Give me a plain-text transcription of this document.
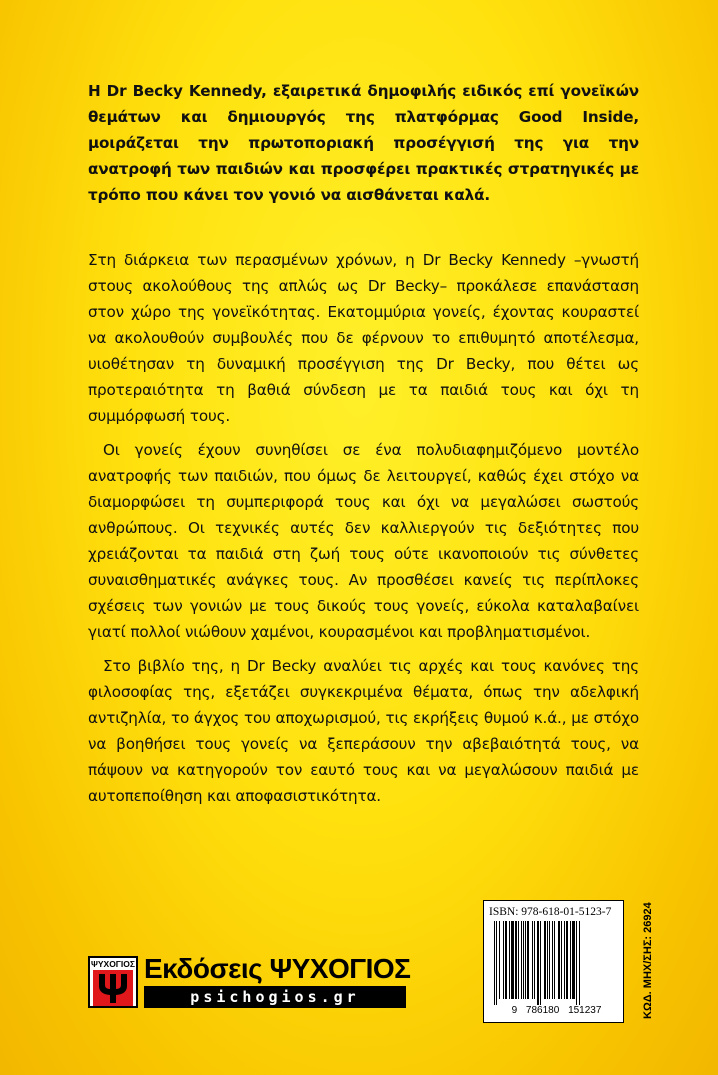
Η Dr Becky Kennedy, εξαιρετικά δημοφιλής ειδικός επί γονεϊκών θεμάτων και δημιουργός της πλατφόρμας Good Inside, μοιράζεται την πρωτοποριακή προσέγγισή της για την ανατροφή των παιδιών και προσφέρει πρακτικές στρατηγικές με τρόπο που κάνει τον γονιό να αισθάνεται καλά.

Στη διάρκεια των περασμένων χρόνων, η Dr Becky Kennedy –γνωστή στους ακολούθους της απλώς ως Dr Becky– προκάλεσε επανάσταση στον χώρο της γονεϊκότητας. Εκατομμύρια γονείς, έχοντας κουραστεί να ακολουθούν συμβουλές που δε φέρνουν το επιθυμητό αποτέλεσμα, υιοθέτησαν τη δυναμική προσέγγιση της Dr Becky, που θέτει ως προτεραιότητα τη βαθιά σύνδεση με τα παιδιά τους και όχι τη συμμόρφωσή τους.

Οι γονείς έχουν συνηθίσει σε ένα πολυδιαφημιζόμενο μοντέλο ανατροφής των παιδιών, που όμως δε λειτουργεί, καθώς έχει στόχο να διαμορφώσει τη συμπεριφορά τους και όχι να μεγαλώσει σωστούς ανθρώπους. Οι τεχνικές αυτές δεν καλλιεργούν τις δεξιότητες που χρειάζονται τα παιδιά στη ζωή τους ούτε ικανοποιούν τις σύνθετες συναισθηματικές ανάγκες τους. Αν προσθέσει κανείς τις περίπλοκες σχέσεις των γονιών με τους δικούς τους γονείς, εύκολα καταλαβαίνει γιατί πολλοί νιώθουν χαμένοι, κουρασμένοι και προβληματισμένοι.

Στο βιβλίο της, η Dr Becky αναλύει τις αρχές και τους κανόνες της φιλοσοφίας της, εξετάζει συγκεκριμένα θέματα, όπως την αδελφική αντιζηλία, το άγχος του αποχωρισμού, τις εκρήξεις θυμού κ.ά., με στόχο να βοηθήσει τους γονείς να ξεπεράσουν την αβεβαιότητά τους, να πάψουν να κατηγορούν τον εαυτό τους και να μεγαλώσουν παιδιά με αυτοπεποίθηση και αποφασιστικότητα.

ΨΥΧΟΓΙΟΣ Εκδόσεις ΨΥΧΟΓΙΟΣ
psichogios.gr
ISBN: 978-618-01-5123-7
9 786180 151237	ΚΩΔ. ΜΗΧ/ΣΗΣ: 26924
